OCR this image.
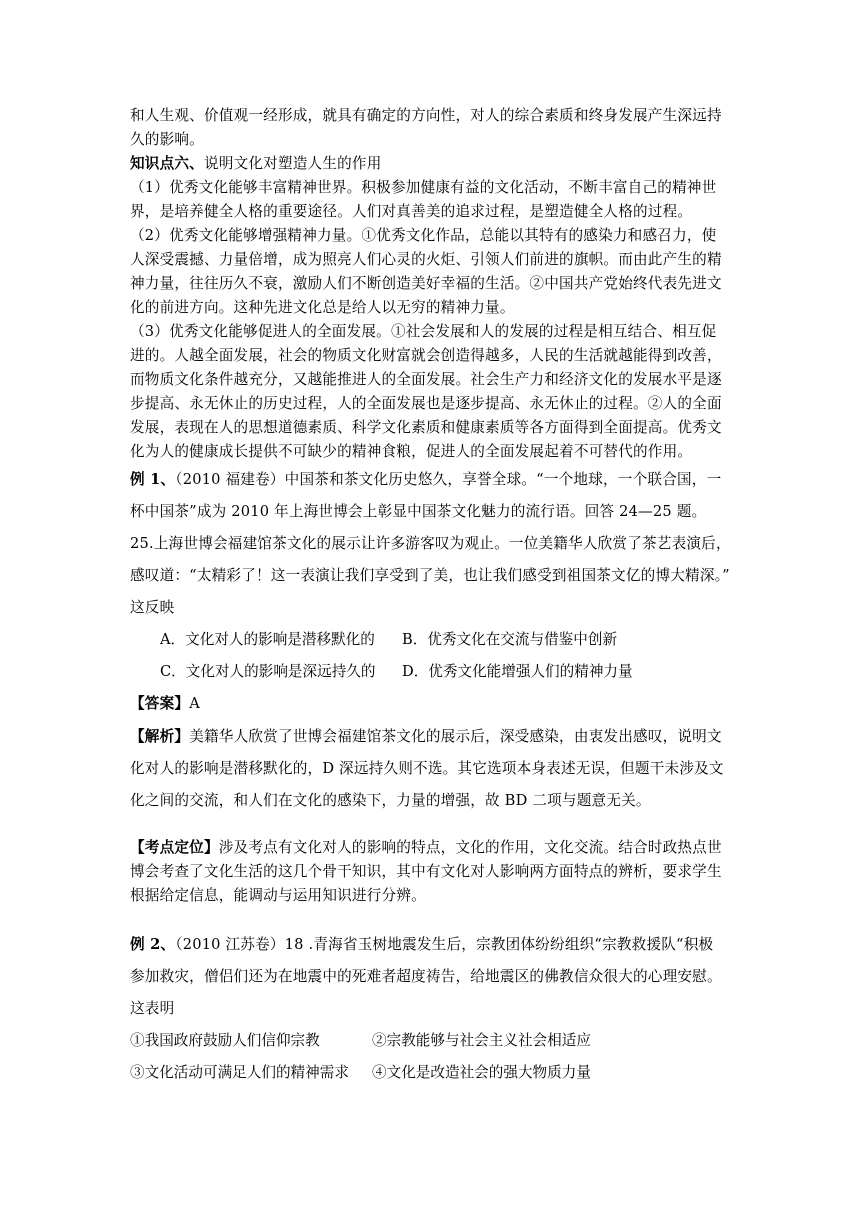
和人生观、价值观一经形成，就具有确定的方向性，对人的综合素质和终身发展产生深远持
久的影响。
知识点六、说明文化对塑造人生的作用
（1）优秀文化能够丰富精神世界。积极参加健康有益的文化活动，不断丰富自己的精神世
界，是培养健全人格的重要途径。人们对真善美的追求过程，是塑造健全人格的过程。
（2）优秀文化能够增强精神力量。①优秀文化作品，总能以其特有的感染力和感召力，使
人深受震撼、力量倍增，成为照亮人们心灵的火炬、引领人们前进的旗帜。而由此产生的精
神力量，往往历久不衰，激励人们不断创造美好幸福的生活。②中国共产党始终代表先进文
化的前进方向。这种先进文化总是给人以无穷的精神力量。
（3）优秀文化能够促进人的全面发展。①社会发展和人的发展的过程是相互结合、相互促
进的。人越全面发展，社会的物质文化财富就会创造得越多，人民的生活就越能得到改善，
而物质文化条件越充分，又越能推进人的全面发展。社会生产力和经济文化的发展水平是逐
步提高、永无休止的历史过程，人的全面发展也是逐步提高、永无休止的过程。②人的全面
发展，表现在人的思想道德素质、科学文化素质和健康素质等各方面得到全面提高。优秀文
化为人的健康成长提供不可缺少的精神食粮，促进人的全面发展起着不可替代的作用。
例 1、（2010 福建卷）中国茶和茶文化历史悠久，享誉全球。“一个地球，一个联合国，一
杯中国茶”成为 2010 年上海世博会上彰显中国茶文化魅力的流行语。回答 24—25 题。
25.上海世博会福建馆茶文化的展示让许多游客叹为观止。一位美籍华人欣赏了茶艺表演后，
感叹道：“太精彩了！这一表演让我们享受到了美，也让我们感受到祖国茶文亿的博大精深。”
这反映
A．文化对人的影响是潜移默化的 B．优秀文化在交流与借鉴中创新
C．文化对人的影响是深远持久的 D．优秀文化能增强人们的精神力量
【答案】A
【解析】美籍华人欣赏了世博会福建馆茶文化的展示后，深受感染，由衷发出感叹，说明文
化对人的影响是潜移默化的，D 深远持久则不选。其它选项本身表述无误，但题干未涉及文
化之间的交流，和人们在文化的感染下，力量的增强，故 BD 二项与题意无关。
【考点定位】涉及考点有文化对人的影响的特点，文化的作用，文化交流。结合时政热点世
博会考查了文化生活的这几个骨干知识，其中有文化对人影响两方面特点的辨析，要求学生
根据给定信息，能调动与运用知识进行分辨。
例 2、（2010 江苏卷）18 .青海省玉树地震发生后，宗教团体纷纷组织“宗教救援队“积极
参加救灾，僧侣们还为在地震中的死难者超度祷告，给地震区的佛教信众很大的心理安慰。
这表明
①我国政府鼓励人们信仰宗教	②宗教能够与社会主义社会相适应
③文化活动可满足人们的精神需求 ④文化是改造社会的强大物质力量
